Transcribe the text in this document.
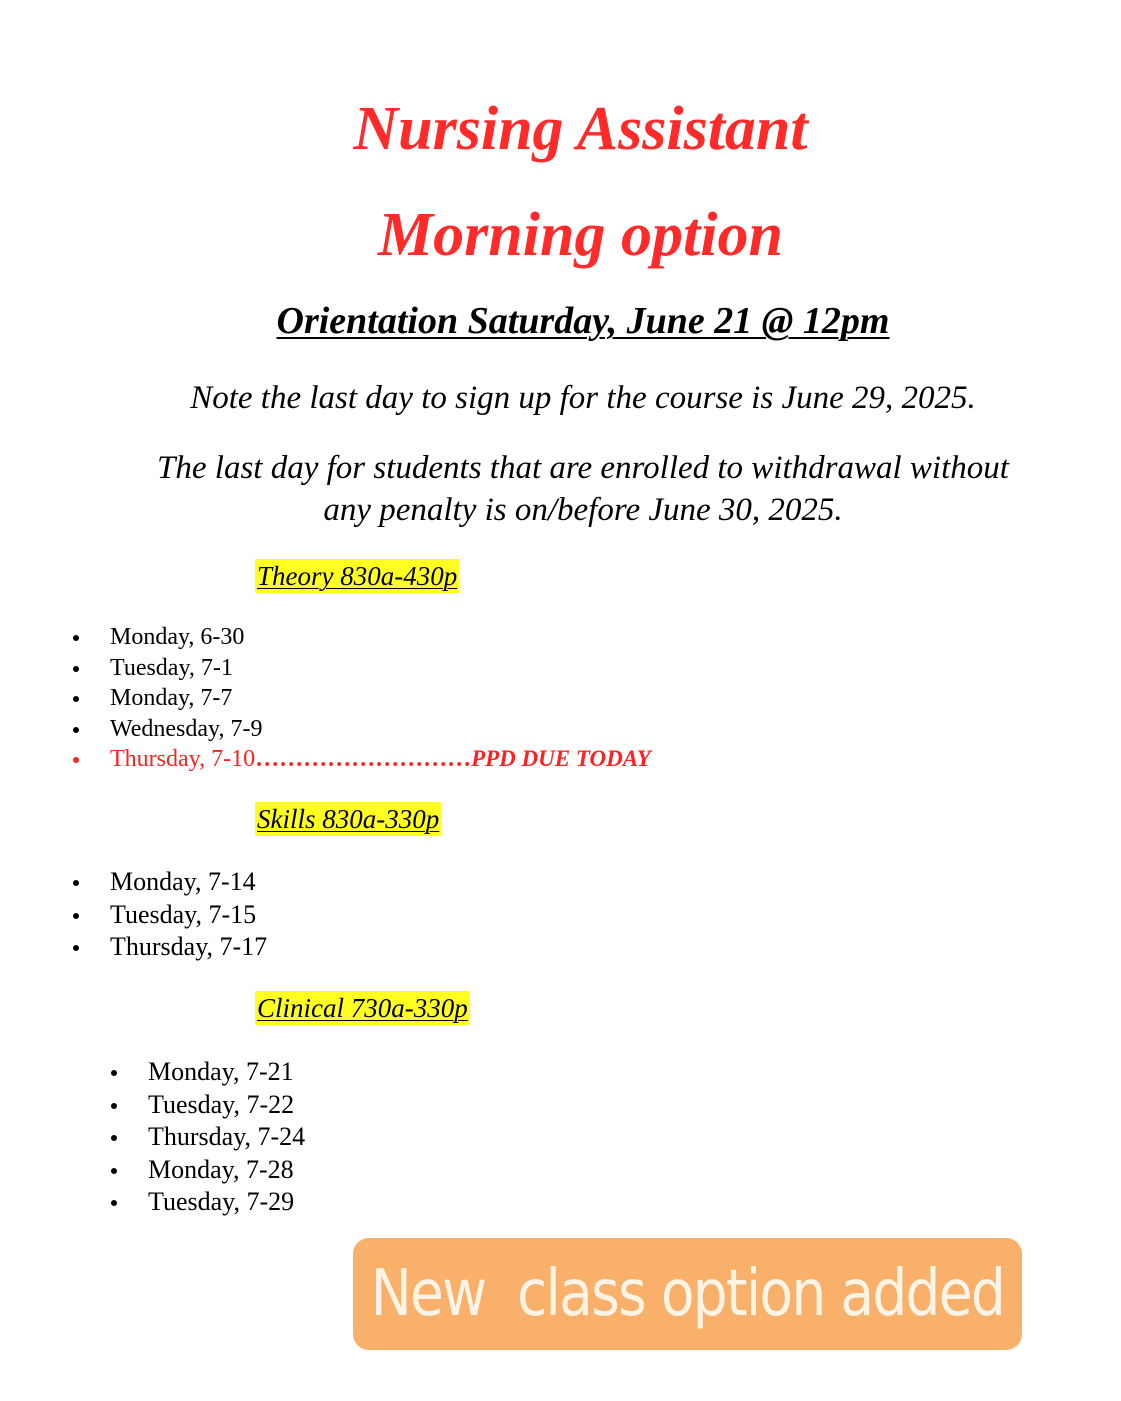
Nursing Assistant
Morning option
Orientation Saturday, June 21 @ 12pm
Note the last day to sign up for the course is June 29, 2025.
The last day for students that are enrolled to withdrawal without
any penalty is on/before June 30, 2025.
Theory 830a-430p
Monday, 6-30
Tuesday, 7-1
Monday, 7-7
Wednesday, 7-9
Thursday, 7-10………………………PPD DUE TODAY
Skills 830a-330p
Monday, 7-14
Tuesday, 7-15
Thursday, 7-17
Clinical 730a-330p
Monday, 7-21
Tuesday, 7-22
Thursday, 7-24
Monday, 7-28
Tuesday, 7-29
New  class option added
